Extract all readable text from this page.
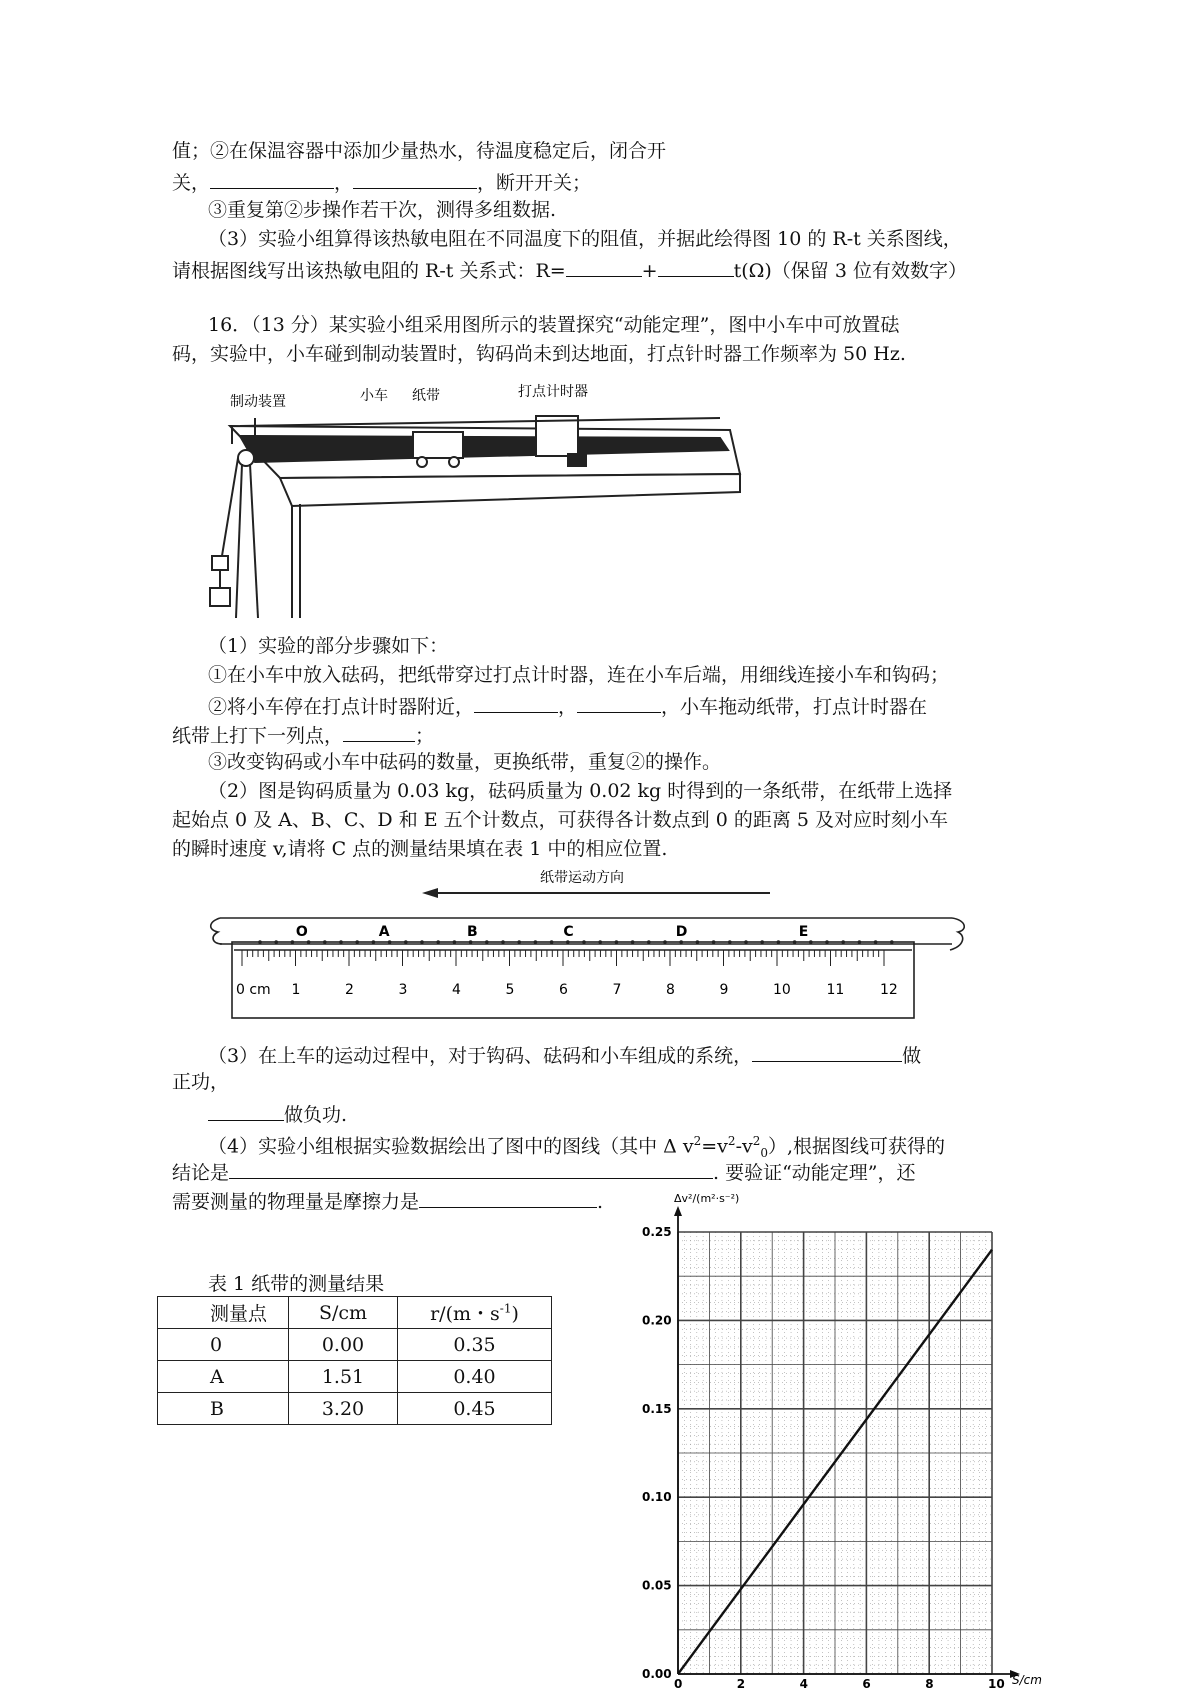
值；②在保温容器中添加少量热水，待温度稳定后，闭合开
关，	，	，断开开关；
③重复第②步操作若干次，测得多组数据.
（3）实验小组算得该热敏电阻在不同温度下的阻值，并据此绘得图 10 的 R-t 关系图线，
请根据图线写出该热敏电阻的 R-t 关系式：R=	+	t(Ω)（保留 3 位有效数字）
16．（13 分）某实验小组采用图所示的装置探究“动能定理”，图中小车中可放置砝
码，实验中，小车碰到制动装置时，钩码尚未到达地面，打点针时器工作频率为 50 Hz.
制动装置	小车 纸带	打点计时器
（1）实验的部分步骤如下：
①在小车中放入砝码，把纸带穿过打点计时器，连在小车后端，用细线连接小车和钩码；
②将小车停在打点计时器附近，	，	，小车拖动纸带，打点计时器在
纸带上打下一列点，	；
③改变钩码或小车中砝码的数量，更换纸带，重复②的操作。
（2）图是钩码质量为 0.03 kg，砝码质量为 0.02 kg 时得到的一条纸带，在纸带上选择
起始点 0 及 A、B、C、D 和 E 五个计数点，可获得各计数点到 0 的距离 5 及对应时刻小车
的瞬时速度 v,请将 C 点的测量结果填在表 1 中的相应位置.
纸带运动方向
O	A	B	C	D	E
0 cm 1	2	3	4	5	6	7	8	9	10	11	12
（3）在上车的运动过程中，对于钩码、砝码和小车组成的系统，	做
正功，
做负功.
（4）实验小组根据实验数据绘出了图中的图线（其中 Δ $v^2=v^2-v^2_0$）,根据图线可获得的
结论是	. 要验证“动能定理”，还
需要测量的物理量是摩擦力是	.
表 1 纸带的测量结果
测量点	S/cm	r/(m・$s^{-1}$)
0	0.00	0.35
A	1.51	0.40
B	3.20	0.45
Δv²/(m²·s⁻²)
0	2	4	6	8	10
0.00
0.05
0.10
0.15
0.20
0.25
S/cm
